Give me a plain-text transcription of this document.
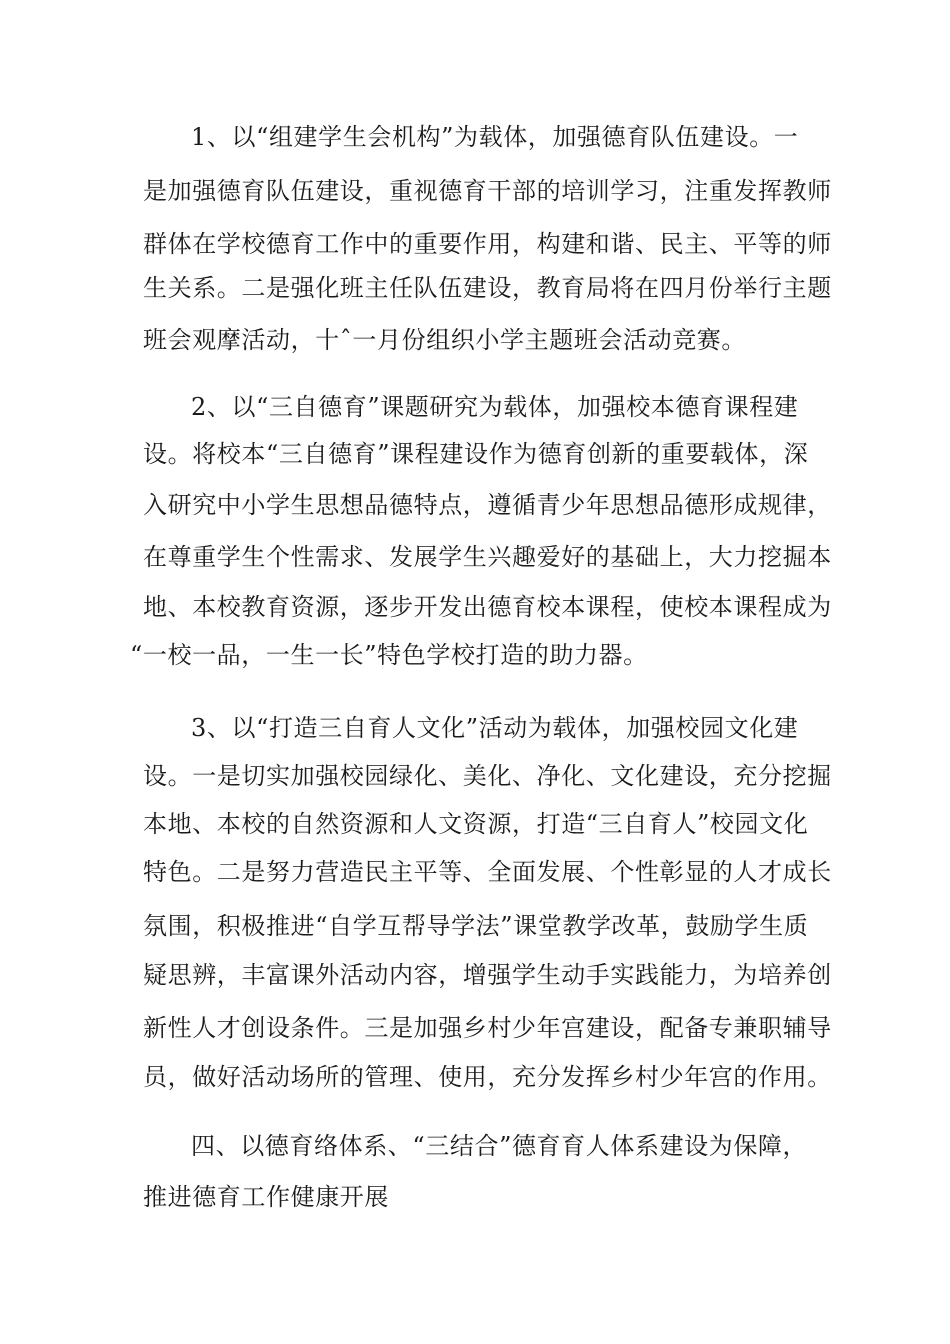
1、以“组建学生会机构”为载体，加强德育队伍建设。一
是加强德育队伍建设，重视德育干部的培训学习，注重发挥教师
群体在学校德育工作中的重要作用，构建和谐、民主、平等的师
生关系。二是强化班主任队伍建设，教育局将在四月份举行主题
班会观摩活动，十ˆ一月份组织小学主题班会活动竞赛。
2、以“三自德育”课题研究为载体，加强校本德育课程建
设。将校本“三自德育”课程建设作为德育创新的重要载体，深
入研究中小学生思想品德特点，遵循青少年思想品德形成规律，
在尊重学生个性需求、发展学生兴趣爱好的基础上，大力挖掘本
地、本校教育资源，逐步开发出德育校本课程，使校本课程成为
“一校一品，一生一长”特色学校打造的助力器。
3、以“打造三自育人文化”活动为载体，加强校园文化建
设。一是切实加强校园绿化、美化、净化、文化建设，充分挖掘
本地、本校的自然资源和人文资源，打造“三自育人”校园文化
特色。二是努力营造民主平等、全面发展、个性彰显的人才成长
氛围，积极推进“自学互帮导学法”课堂教学改革，鼓励学生质
疑思辨，丰富课外活动内容，增强学生动手实践能力，为培养创
新性人才创设条件。三是加强乡村少年宫建设，配备专兼职辅导
员，做好活动场所的管理、使用，充分发挥乡村少年宫的作用。
四、以德育络体系、“三结合”德育育人体系建设为保障，
推进德育工作健康开展
